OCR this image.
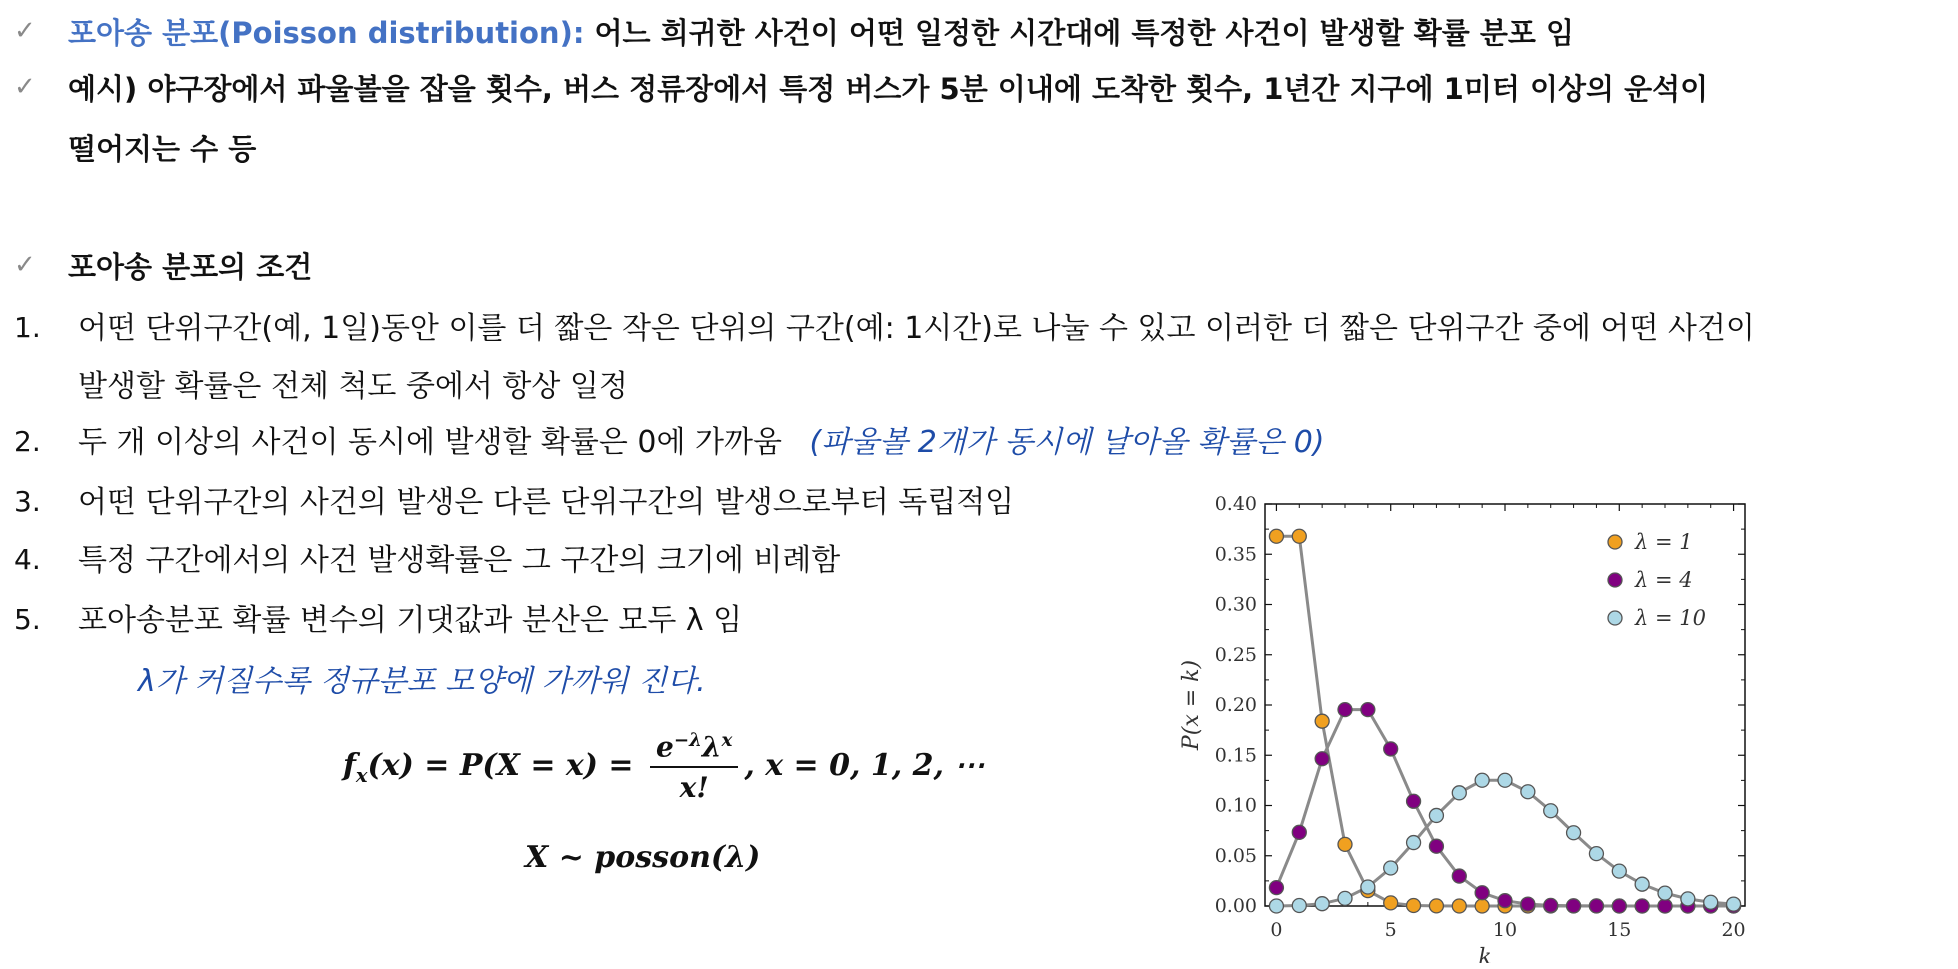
✓ 포아송 분포(Poisson distribution): 어느 희귀한 사건이 어떤 일정한 시간대에 특정한 사건이 발생할 확률 분포 임
✓ 예시) 야구장에서 파울볼을 잡을 횟수, 버스 정류장에서 특정 버스가 5분 이내에 도착한 횟수, 1년간 지구에 1미터 이상의 운석이
떨어지는 수 등
✓ 포아송 분포의 조건
1. 어떤 단위구간(예, 1일)동안 이를 더 짧은 작은 단위의 구간(예: 1시간)로 나눌 수 있고 이러한 더 짧은 단위구간 중에 어떤 사건이
발생할 확률은 전체 척도 중에서 항상 일정
2. 두 개 이상의 사건이 동시에 발생할 확률은 0에 가까움 (파울볼 2개가 동시에 날아올 확률은 0)
3. 어떤 단위구간의 사건의 발생은 다른 단위구간의 발생으로부터 독립적임
4. 특정 구간에서의 사건 발생확률은 그 구간의 크기에 비례함
5. 포아송분포 확률 변수의 기댓값과 분산은 모두 λ 임
λ가 커질수록 정규분포 모양에 가까워 진다.
$f_x(x) = P(X = x) = \frac{e^{-\lambda}\lambda^x}{x!}$ , x = 0, 1, 2, ⋯
X ~ posson(λ)
0.00
0.05
0.10
0.15
0.20
0.25
0.30
0.35
0.40
0	5	10	15	20
k
P(x = k)
λ = 1
λ = 4
λ = 10
